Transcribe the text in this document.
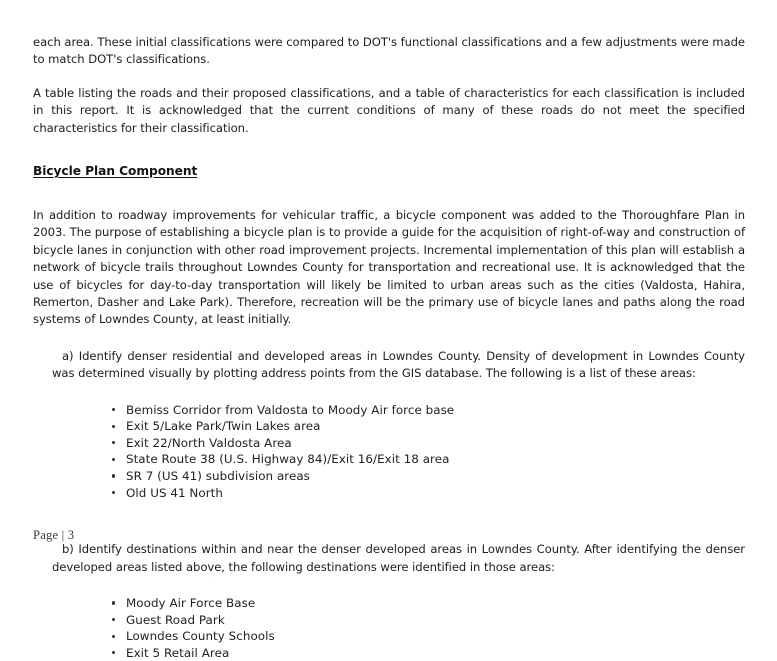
each area. These initial classifications were compared to DOT's functional classifications and a few adjustments were made to match DOT's classifications.

A table listing the roads and their proposed classifications, and a table of characteristics for each classification is included in this report. It is acknowledged that the current conditions of many of these roads do not meet the specified characteristics for their classification.

Bicycle Plan Component

In addition to roadway improvements for vehicular traffic, a bicycle component was added to the Thoroughfare Plan in 2003. The purpose of establishing a bicycle plan is to provide a guide for the acquisition of right-of-way and construction of bicycle lanes in conjunction with other road improvement projects. Incremental implementation of this plan will establish a network of bicycle trails throughout Lowndes County for transportation and recreational use. It is acknowledged that the use of bicycles for day-to-day transportation will likely be limited to urban areas such as the cities (Valdosta, Hahira, Remerton, Dasher and Lake Park). Therefore, recreation will be the primary use of bicycle lanes and paths along the road systems of Lowndes County, at least initially.

a) Identify denser residential and developed areas in Lowndes County. Density of development in Lowndes County was determined visually by plotting address points from the GIS database. The following is a list of these areas:

Bemiss Corridor from Valdosta to Moody Air force base
Exit 5/Lake Park/Twin Lakes area
Exit 22/North Valdosta Area
State Route 38 (U.S. Highway 84)/Exit 16/Exit 18 area
SR 7 (US 41) subdivision areas
Old US 41 North

b) Identify destinations within and near the denser developed areas in Lowndes County. After identifying the denser developed areas listed above, the following destinations were identified in those areas:

Moody Air Force Base
Guest Road Park
Lowndes County Schools
Exit 5 Retail Area
Page | 3
.
